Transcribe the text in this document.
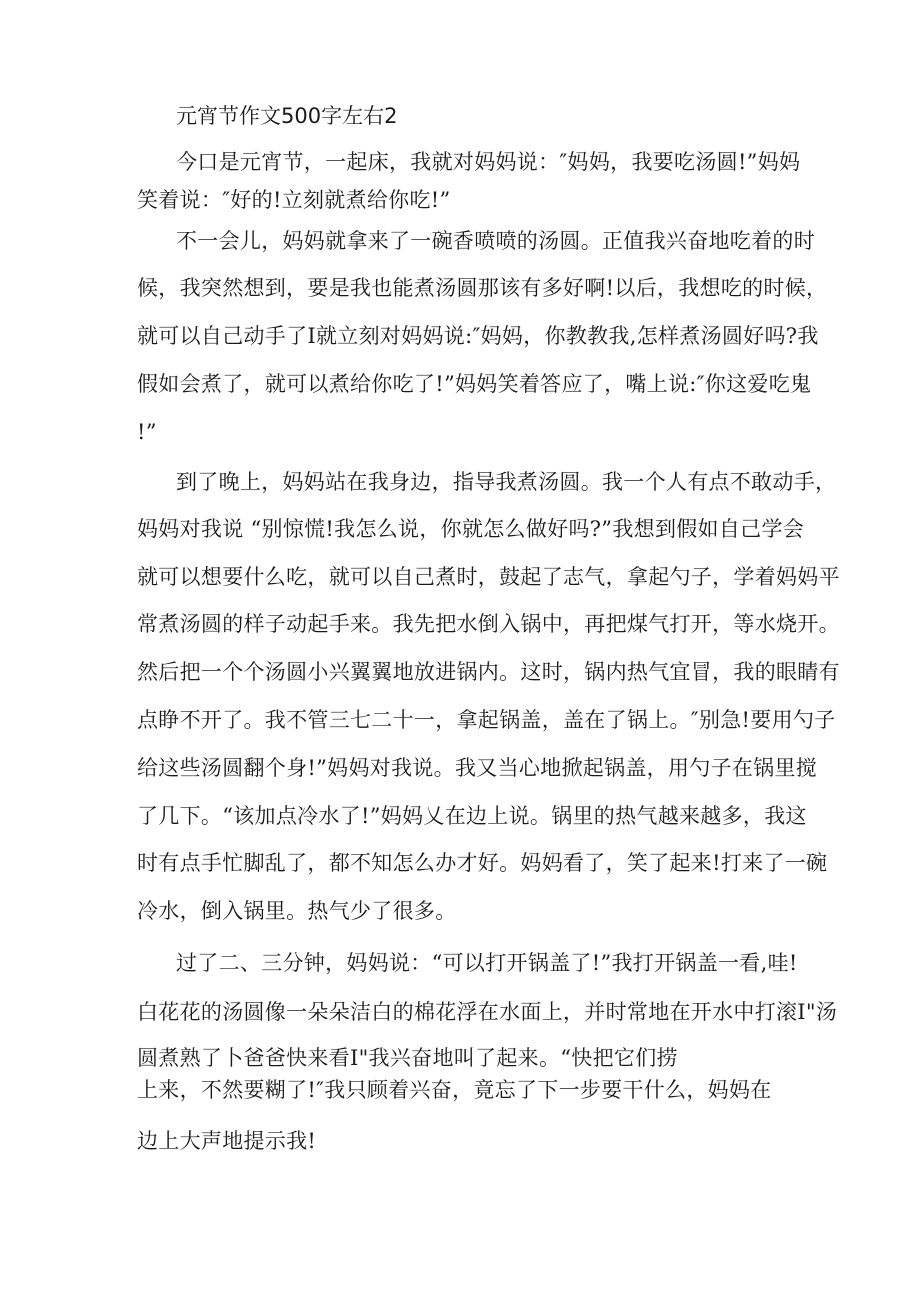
元宵节作文500字左右2

今口是元宵节，一起床，我就对妈妈说：″妈妈，我要吃汤圆!”妈妈

笑着说：″好的!立刻就煮给你吃!”

不一会儿，妈妈就拿来了一碗香喷喷的汤圆。正值我兴奋地吃着的时

候，我突然想到，要是我也能煮汤圆那该有多好啊!以后，我想吃的时候，

就可以自己动手了I就立刻对妈妈说:″妈妈，你教教我,怎样煮汤圆好吗?我

假如会煮了，就可以煮给你吃了!”妈妈笑着答应了，嘴上说:″你这爱吃鬼

!”

到了晚上，妈妈站在我身边，指导我煮汤圆。我一个人有点不敢动手，

妈妈对我说 “别惊慌!我怎么说，你就怎么做好吗?”我想到假如自己学会

就可以想要什么吃，就可以自己煮时，鼓起了志气，拿起勺子，学着妈妈平

常煮汤圆的样子动起手来。我先把水倒入锅中，再把煤气打开，等水烧开。

然后把一个个汤圆小兴翼翼地放进锅内。这时，锅内热气宜冒，我的眼睛有

点睁不开了。我不管三七二十一，拿起锅盖，盖在了锅上。″别急!要用勺子

给这些汤圆翻个身!”妈妈对我说。我又当心地掀起锅盖，用勺子在锅里搅

了几下。“该加点冷水了!”妈妈乂在边上说。锅里的热气越来越多，我这

时有点手忙脚乱了，都不知怎么办才好。妈妈看了，笑了起来!打来了一碗

冷水，倒入锅里。热气少了很多。

过了二、三分钟，妈妈说：“可以打开锅盖了!”我打开锅盖一看,哇!

白花花的汤圆像一朵朵洁白的棉花浮在水面上，并时常地在开水中打滚I"汤

圆煮熟了卜爸爸快来看I"我兴奋地叫了起来。“快把它们捞

上来，不然要糊了!″我只顾着兴奋，竟忘了下一步要干什么，妈妈在

边上大声地提示我!
